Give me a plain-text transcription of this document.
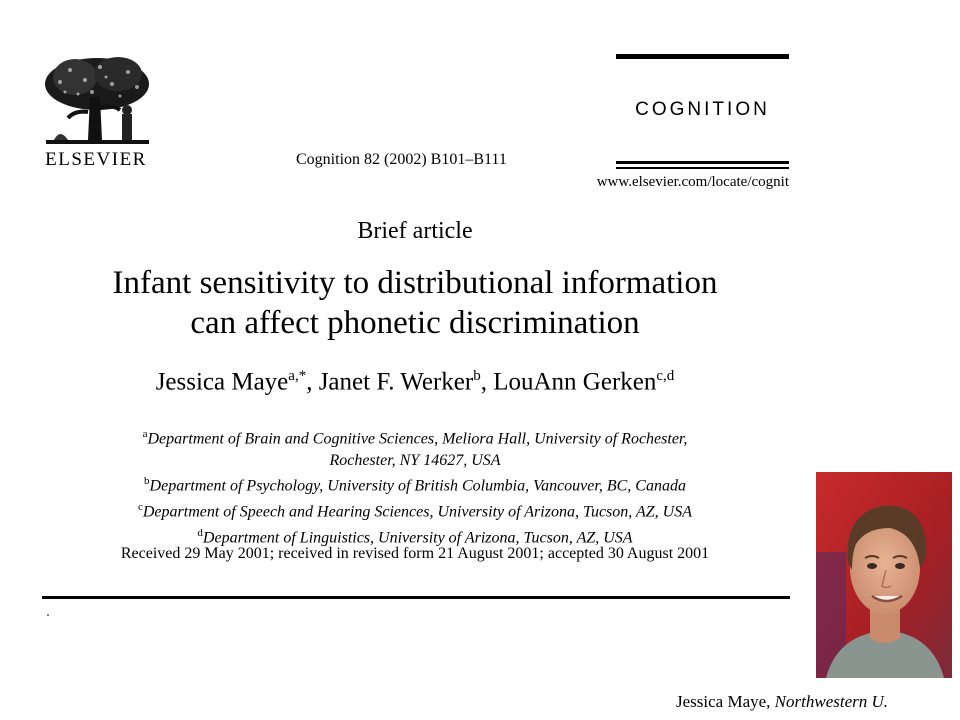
ELSEVIER
COGNITION
Cognition 82 (2002) B101–B111
www.elsevier.com/locate/cognit
Brief article
Infant sensitivity to distributional information
can affect phonetic discrimination
Jessica Maye$^{a,*}$, Janet F. Werker$^b$, LouAnn Gerken$^{c,d}$
$^a$Department of Brain and Cognitive Sciences, Meliora Hall, University of Rochester,
Rochester, NY 14627, USA
$^b$Department of Psychology, University of British Columbia, Vancouver, BC, Canada
$^c$Department of Speech and Hearing Sciences, University of Arizona, Tucson, AZ, USA
$^d$Department of Linguistics, University of Arizona, Tucson, AZ, USA
Received 29 May 2001; received in revised form 21 August 2001; accepted 30 August 2001
Jessica Maye, Northwestern U.
